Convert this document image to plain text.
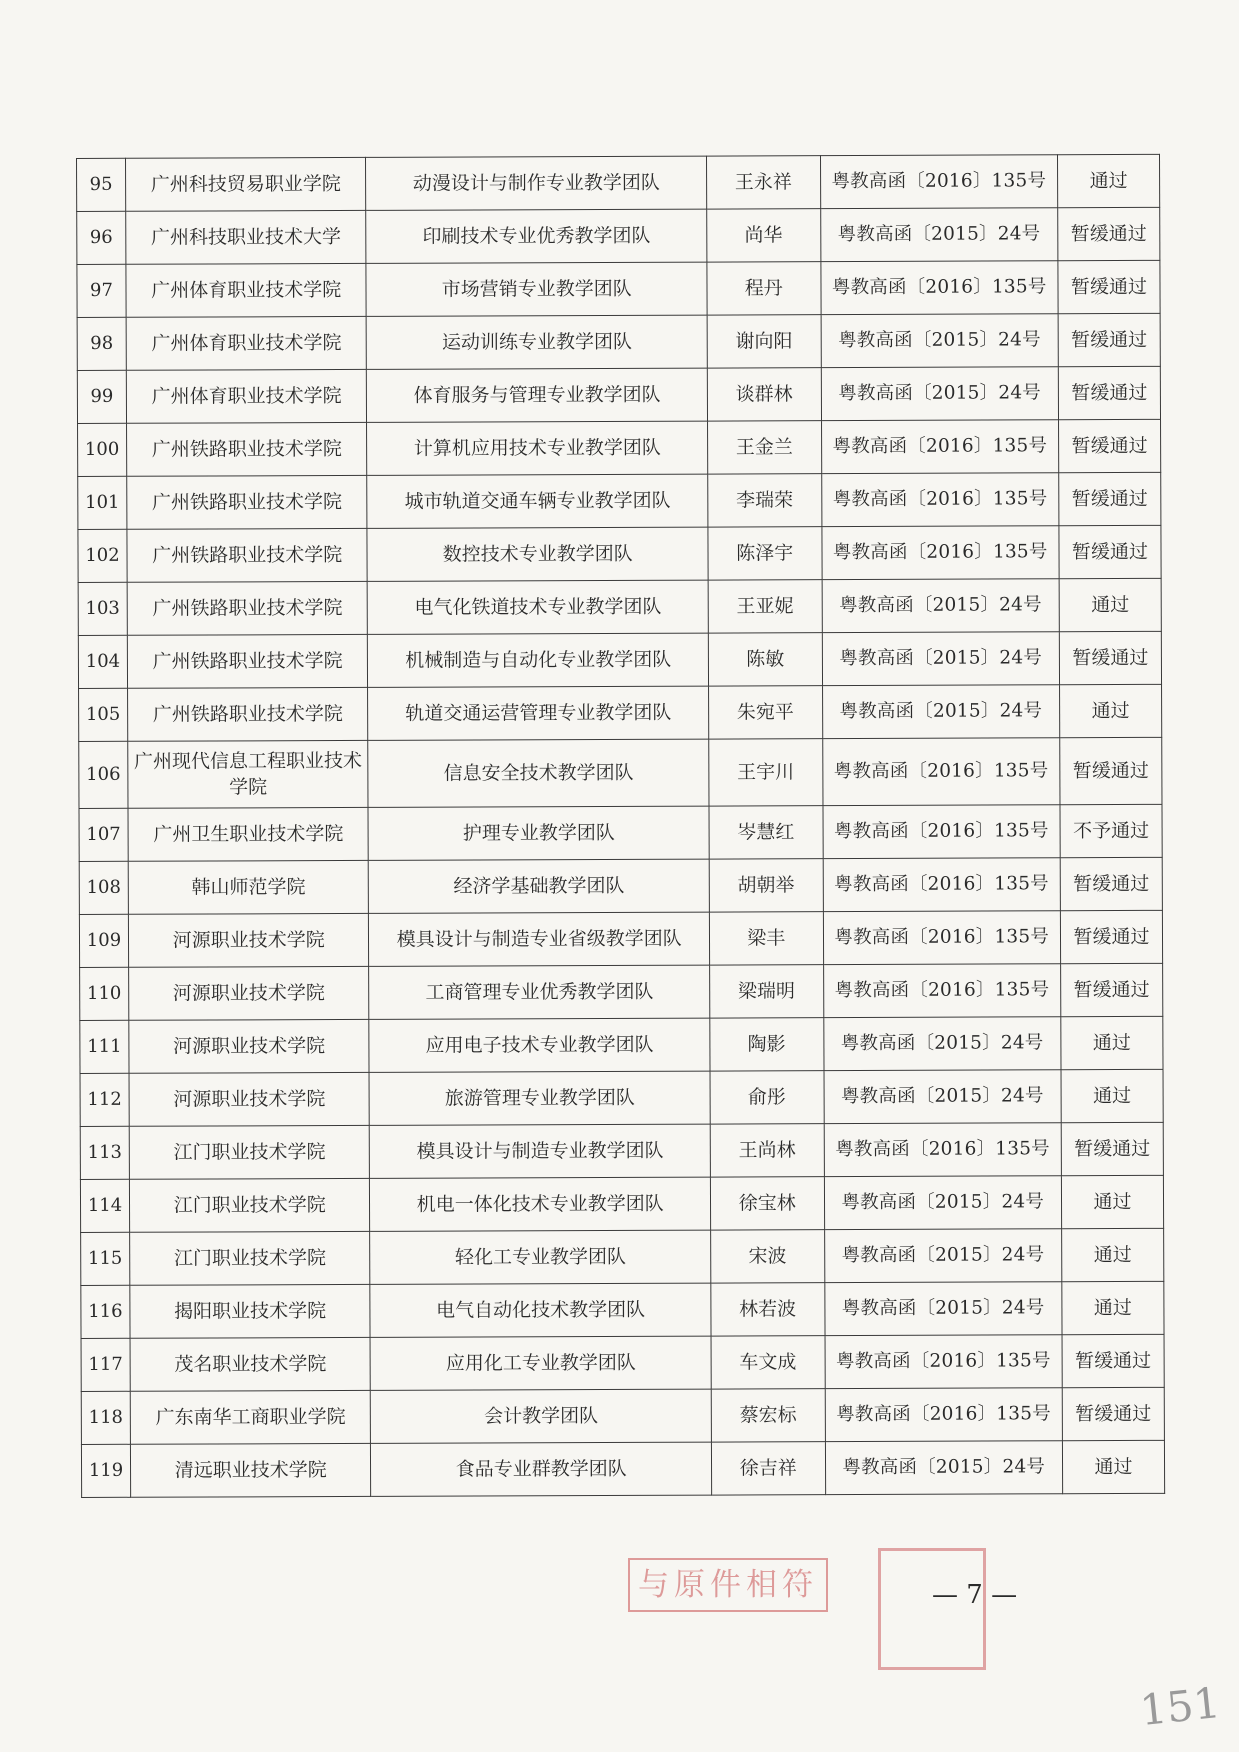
95	广州科技贸易职业学院	动漫设计与制作专业教学团队	王永祥	粤教高函〔2016〕135号	通过
96	广州科技职业技术大学	印刷技术专业优秀教学团队	尚华	粤教高函〔2015〕24号	暂缓通过
97	广州体育职业技术学院	市场营销专业教学团队	程丹	粤教高函〔2016〕135号	暂缓通过
98	广州体育职业技术学院	运动训练专业教学团队	谢向阳	粤教高函〔2015〕24号	暂缓通过
99	广州体育职业技术学院	体育服务与管理专业教学团队	谈群林	粤教高函〔2015〕24号	暂缓通过
100	广州铁路职业技术学院	计算机应用技术专业教学团队	王金兰	粤教高函〔2016〕135号	暂缓通过
101	广州铁路职业技术学院	城市轨道交通车辆专业教学团队	李瑞荣	粤教高函〔2016〕135号	暂缓通过
102	广州铁路职业技术学院	数控技术专业教学团队	陈泽宇	粤教高函〔2016〕135号	暂缓通过
103	广州铁路职业技术学院	电气化铁道技术专业教学团队	王亚妮	粤教高函〔2015〕24号	通过
104	广州铁路职业技术学院	机械制造与自动化专业教学团队	陈敏	粤教高函〔2015〕24号	暂缓通过
105	广州铁路职业技术学院	轨道交通运营管理专业教学团队	朱宛平	粤教高函〔2015〕24号	通过
106	广州现代信息工程职业技术学院	信息安全技术教学团队	王宇川	粤教高函〔2016〕135号	暂缓通过
107	广州卫生职业技术学院	护理专业教学团队	岑慧红	粤教高函〔2016〕135号	不予通过
108	韩山师范学院	经济学基础教学团队	胡朝举	粤教高函〔2016〕135号	暂缓通过
109	河源职业技术学院	模具设计与制造专业省级教学团队	梁丰	粤教高函〔2016〕135号	暂缓通过
110	河源职业技术学院	工商管理专业优秀教学团队	梁瑞明	粤教高函〔2016〕135号	暂缓通过
111	河源职业技术学院	应用电子技术专业教学团队	陶影	粤教高函〔2015〕24号	通过
112	河源职业技术学院	旅游管理专业教学团队	俞彤	粤教高函〔2015〕24号	通过
113	江门职业技术学院	模具设计与制造专业教学团队	王尚林	粤教高函〔2016〕135号	暂缓通过
114	江门职业技术学院	机电一体化技术专业教学团队	徐宝林	粤教高函〔2015〕24号	通过
115	江门职业技术学院	轻化工专业教学团队	宋波	粤教高函〔2015〕24号	通过
116	揭阳职业技术学院	电气自动化技术教学团队	林若波	粤教高函〔2015〕24号	通过
117	茂名职业技术学院	应用化工专业教学团队	车文成	粤教高函〔2016〕135号	暂缓通过
118	广东南华工商职业学院	会计教学团队	蔡宏标	粤教高函〔2016〕135号	暂缓通过
119	清远职业技术学院	食品专业群教学团队	徐吉祥	粤教高函〔2015〕24号	通过
与原件相符	— 7 —
151
